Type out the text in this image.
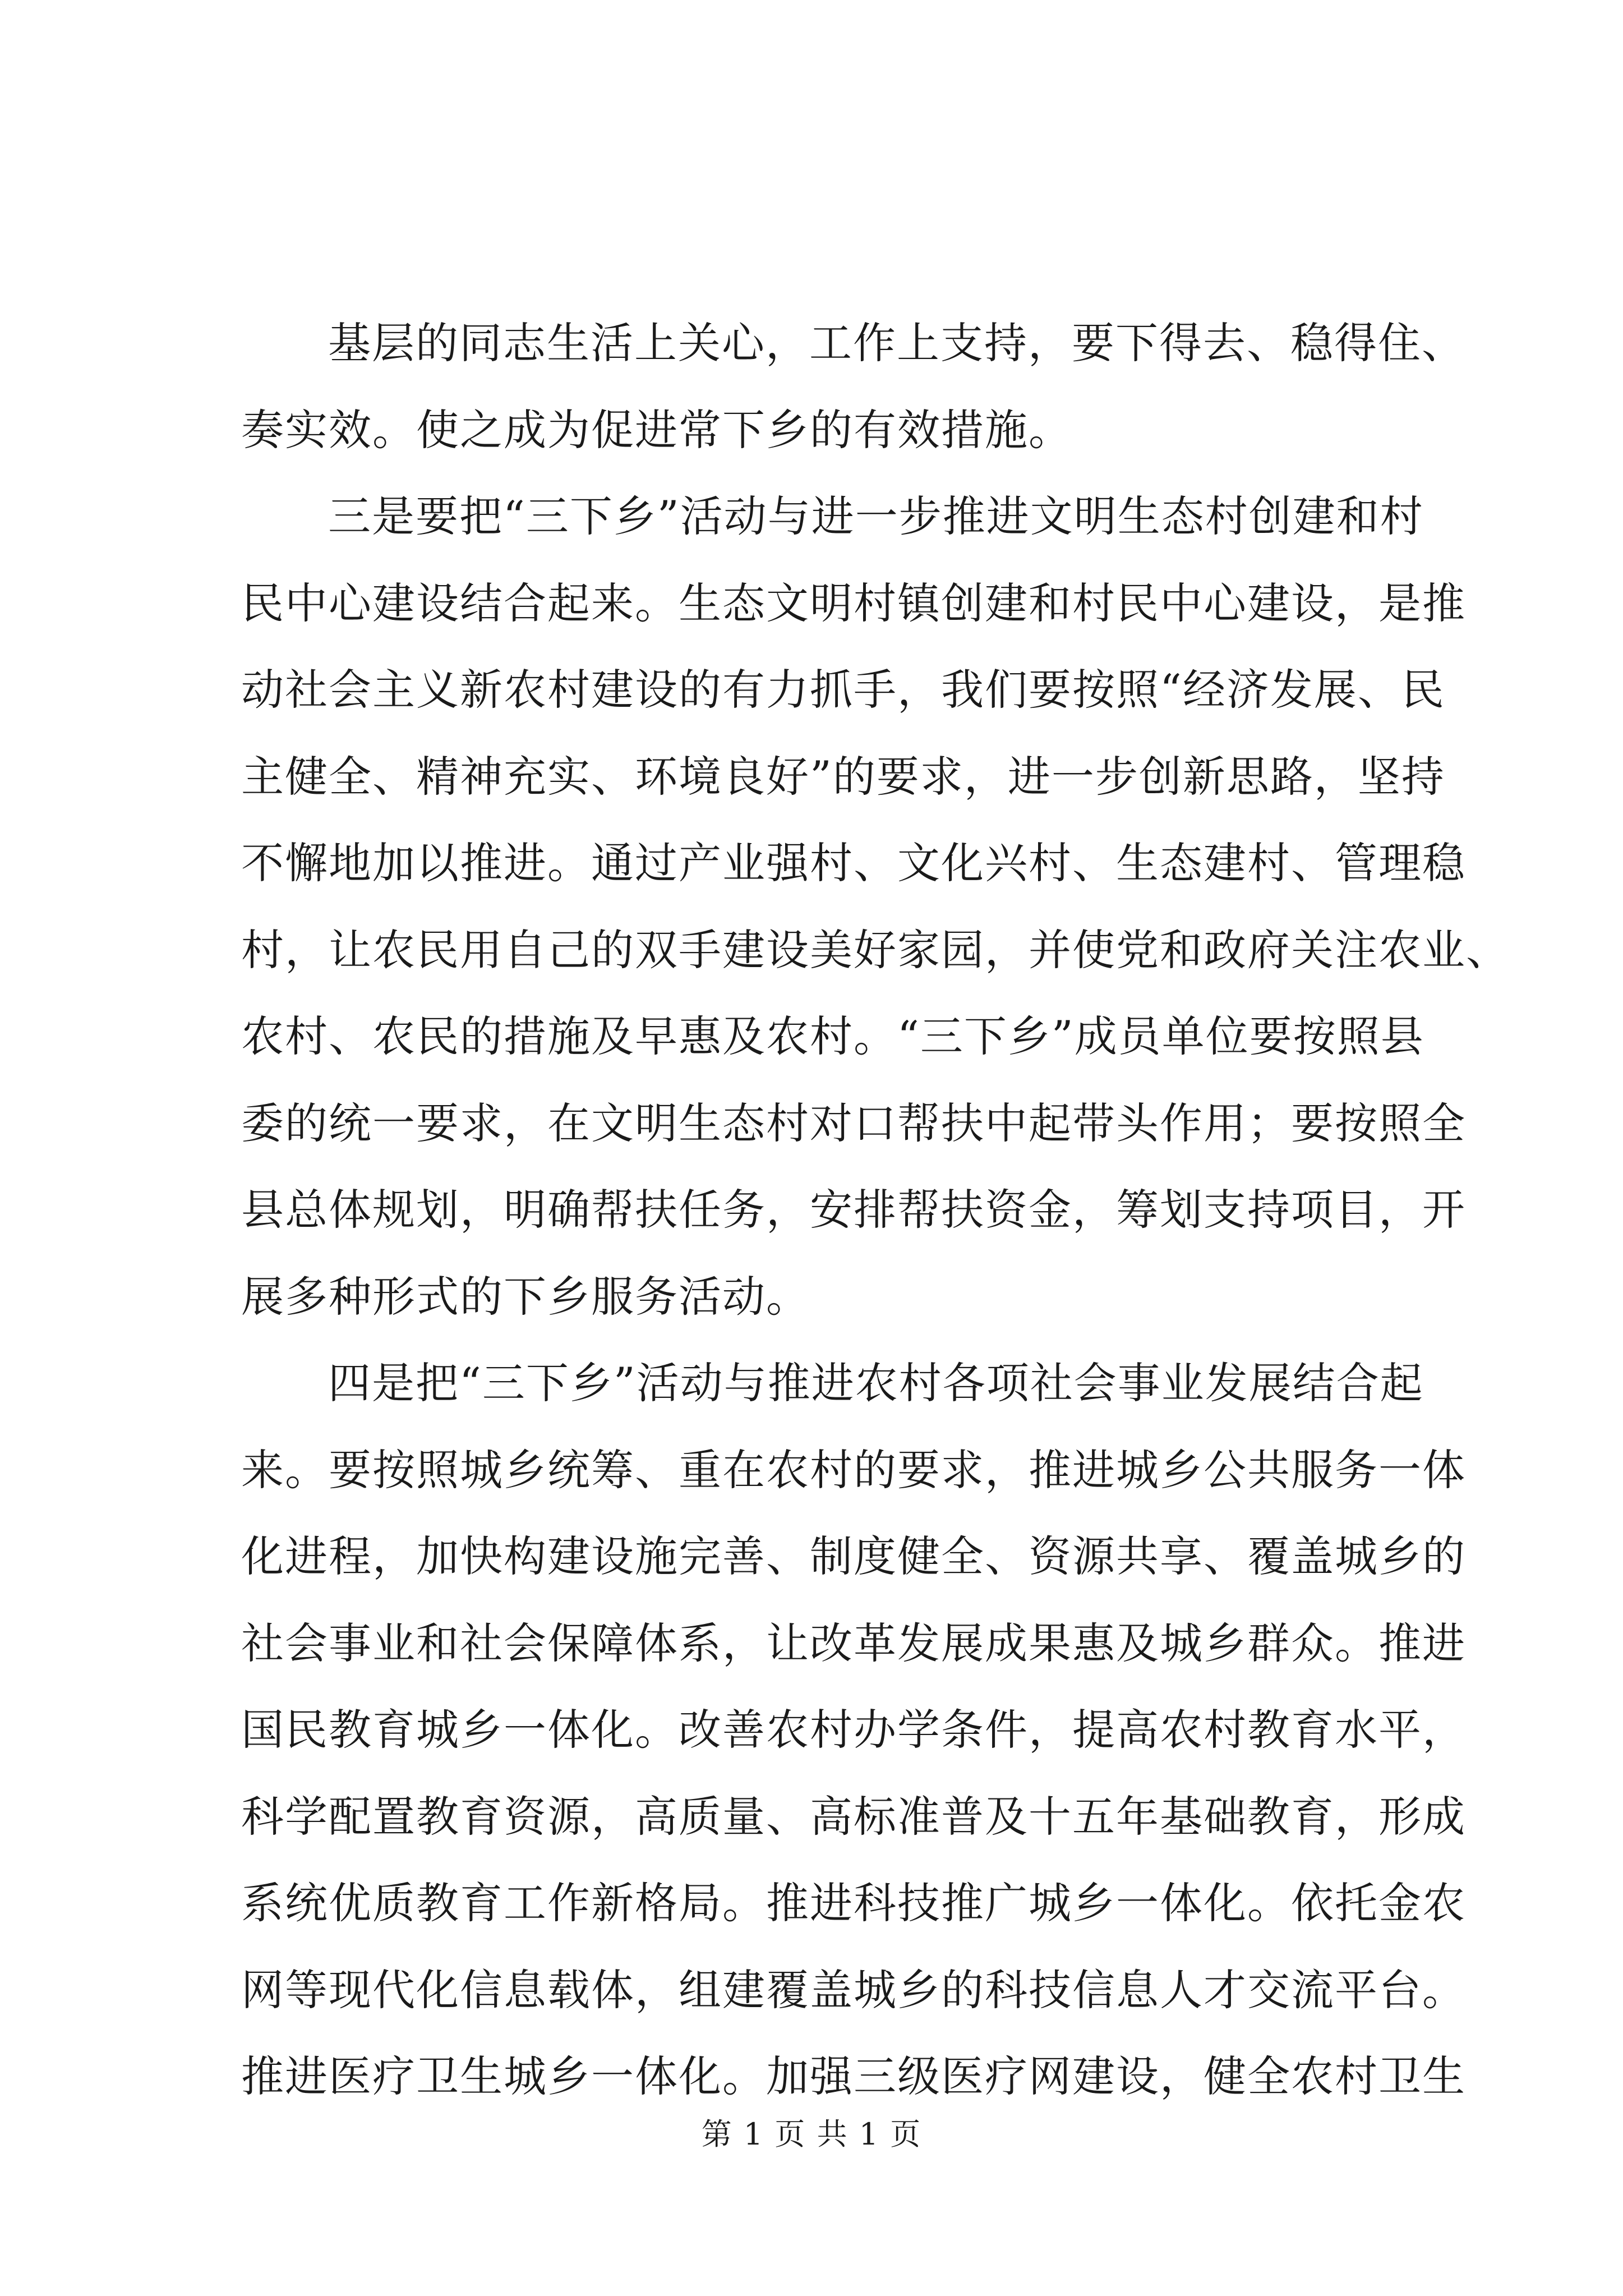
基层的同志生活上关心，工作上支持，要下得去、稳得住、
奏实效。使之成为促进常下乡的有效措施。
三是要把“三下乡”活动与进一步推进文明生态村创建和村
民中心建设结合起来。生态文明村镇创建和村民中心建设，是推
动社会主义新农村建设的有力抓手，我们要按照“经济发展、民
主健全、精神充实、环境良好”的要求，进一步创新思路，坚持
不懈地加以推进。通过产业强村、文化兴村、生态建村、管理稳
村，让农民用自己的双手建设美好家园，并使党和政府关注农业、
农村、农民的措施及早惠及农村。“三下乡”成员单位要按照县
委的统一要求，在文明生态村对口帮扶中起带头作用；要按照全
县总体规划，明确帮扶任务，安排帮扶资金，筹划支持项目，开
展多种形式的下乡服务活动。
四是把“三下乡”活动与推进农村各项社会事业发展结合起
来。要按照城乡统筹、重在农村的要求，推进城乡公共服务一体
化进程，加快构建设施完善、制度健全、资源共享、覆盖城乡的
社会事业和社会保障体系，让改革发展成果惠及城乡群众。推进
国民教育城乡一体化。改善农村办学条件，提高农村教育水平，
科学配置教育资源，高质量、高标准普及十五年基础教育，形成
系统优质教育工作新格局。推进科技推广城乡一体化。依托金农
网等现代化信息载体，组建覆盖城乡的科技信息人才交流平台。
推进医疗卫生城乡一体化。加强三级医疗网建设，健全农村卫生
第 1 页 共 1 页
